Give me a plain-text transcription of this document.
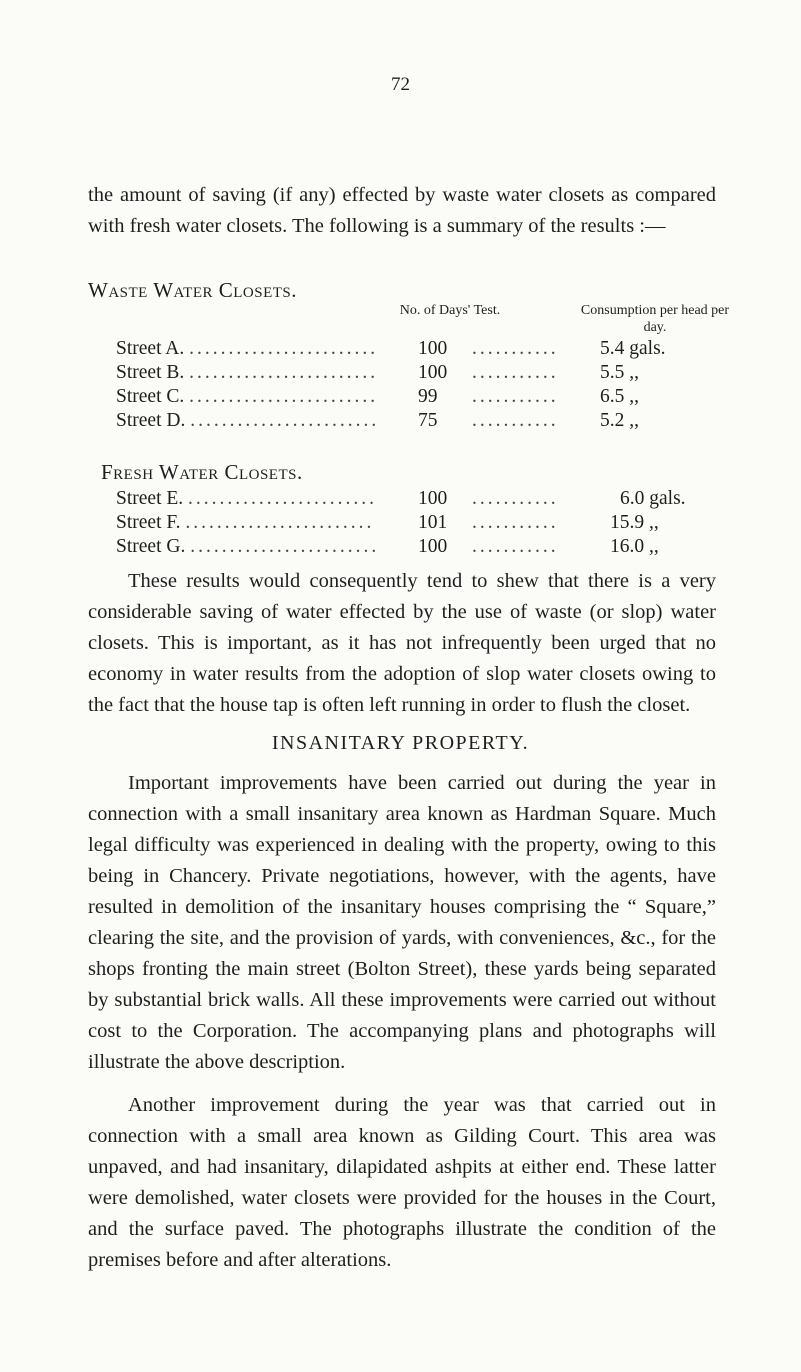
72

the amount of saving (if any) effected by waste water closets as compared with fresh water closets. The following is a summary of the results :—

Waste Water Closets.
No. of Days' Test.	Consumption per head per day.
Street A. ........................ 100 ........... 5.4 gals.
Street B. ........................ 100 ........... 5.5 ,,
Street C. ........................ 99 ........... 6.5 ,,
Street D. ........................ 75 ........... 5.2 ,,
Fresh Water Closets.
Street E. ........................ 100 ...........	6.0 gals.
Street F. ........................ 101 ...........	15.9 ,,
Street G. ........................ 100 ...........	16.0 ,,

These results would consequently tend to shew that there is a very considerable saving of water effected by the use of waste (or slop) water closets. This is important, as it has not infrequently been urged that no economy in water results from the adoption of slop water closets owing to the fact that the house tap is often left running in order to flush the closet.

INSANITARY PROPERTY.

Important improvements have been carried out during the year in connection with a small insanitary area known as Hardman Square. Much legal difficulty was experienced in dealing with the property, owing to this being in Chancery. Private negotiations, however, with the agents, have resulted in demolition of the insanitary houses comprising the “ Square,” clearing the site, and the provision of yards, with conveniences, &c., for the shops fronting the main street (Bolton Street), these yards being separated by substantial brick walls. All these improvements were carried out without cost to the Corporation. The accompanying plans and photographs will illustrate the above description.

Another improvement during the year was that carried out in connection with a small area known as Gilding Court. This area was unpaved, and had insanitary, dilapidated ashpits at either end. These latter were demolished, water closets were provided for the houses in the Court, and the surface paved. The photographs illustrate the condition of the premises before and after alterations.
